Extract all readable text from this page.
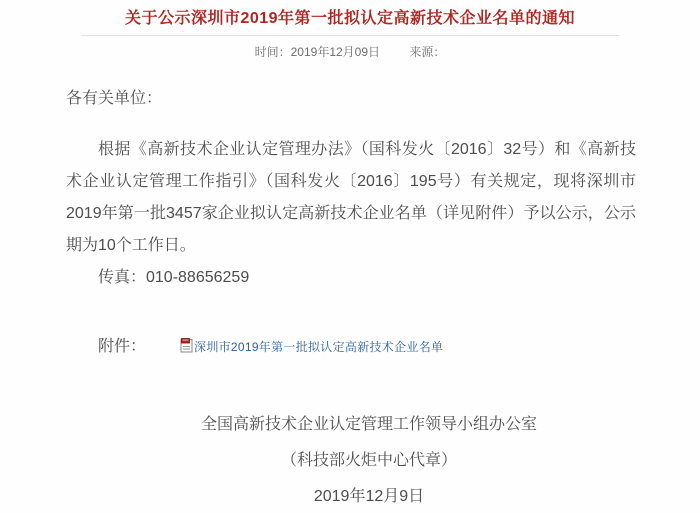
关于公示深圳市2019年第一批拟认定高新技术企业名单的通知
时间：2019年12月09日 来源：
各有关单位：

根据《高新技术企业认定管理办法》（国科发火〔2016〕32号）和《高新技术企业认定管理工作指引》（国科发火〔2016〕195号）有关规定，现将深圳市2019年第一批3457家企业拟认定高新技术企业名单（详见附件）予以公示，公示期为10个工作日。

传真：010-88656259
附件：	深圳市2019年第一批拟认定高新技术企业名单
全国高新技术企业认定管理工作领导小组办公室
（科技部火炬中心代章）
2019年12月9日
